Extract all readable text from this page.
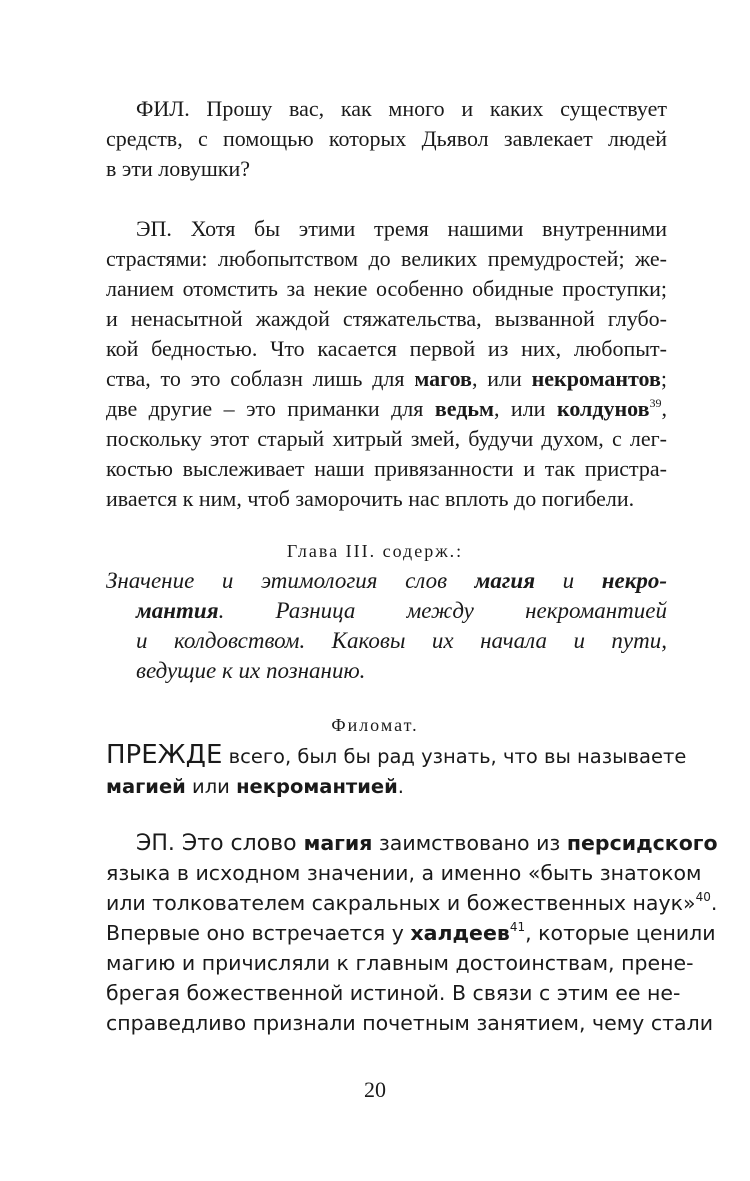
ФИЛ. Прошу вас, как много и каких существует
средств, с помощью которых Дьявол завлекает людей
в эти ловушки?
ЭП. Хотя бы этими тремя нашими внутренними
страстями: любопытством до великих премудростей; же-
ланием отомстить за некие особенно обидные проступки;
и ненасытной жаждой стяжательства, вызванной глубо-
кой бедностью. Что касается первой из них, любопыт-
ства, то это соблазн лишь для магов, или некромантов;
две другие – это приманки для ведьм, или колдунов$^{39}$,
поскольку этот старый хитрый змей, будучи духом, с лег-
костью выслеживает наши привязанности и так пристра-
ивается к ним, чтоб заморочить нас вплоть до погибели.
Глава III. содерж.:
Значение и этимология слов магия и некро-
мантия. Разница между некромантией
и колдовством. Каковы их начала и пути,
ведущие к их познанию.
Филомат.
ПРЕЖДЕ всего, был бы рад узнать, что вы называете
магией или некромантией.
ЭП. Это слово магия заимствовано из персидского
языка в исходном значении, а именно «быть знатоком
или толкователем сакральных и божественных наук»$^{40}$.
Впервые оно встречается у халдеев$^{41}$, которые ценили
магию и причисляли к главным достоинствам, прене-
брегая божественной истиной. В связи с этим ее не-
справедливо признали почетным занятием, чему стали
20
